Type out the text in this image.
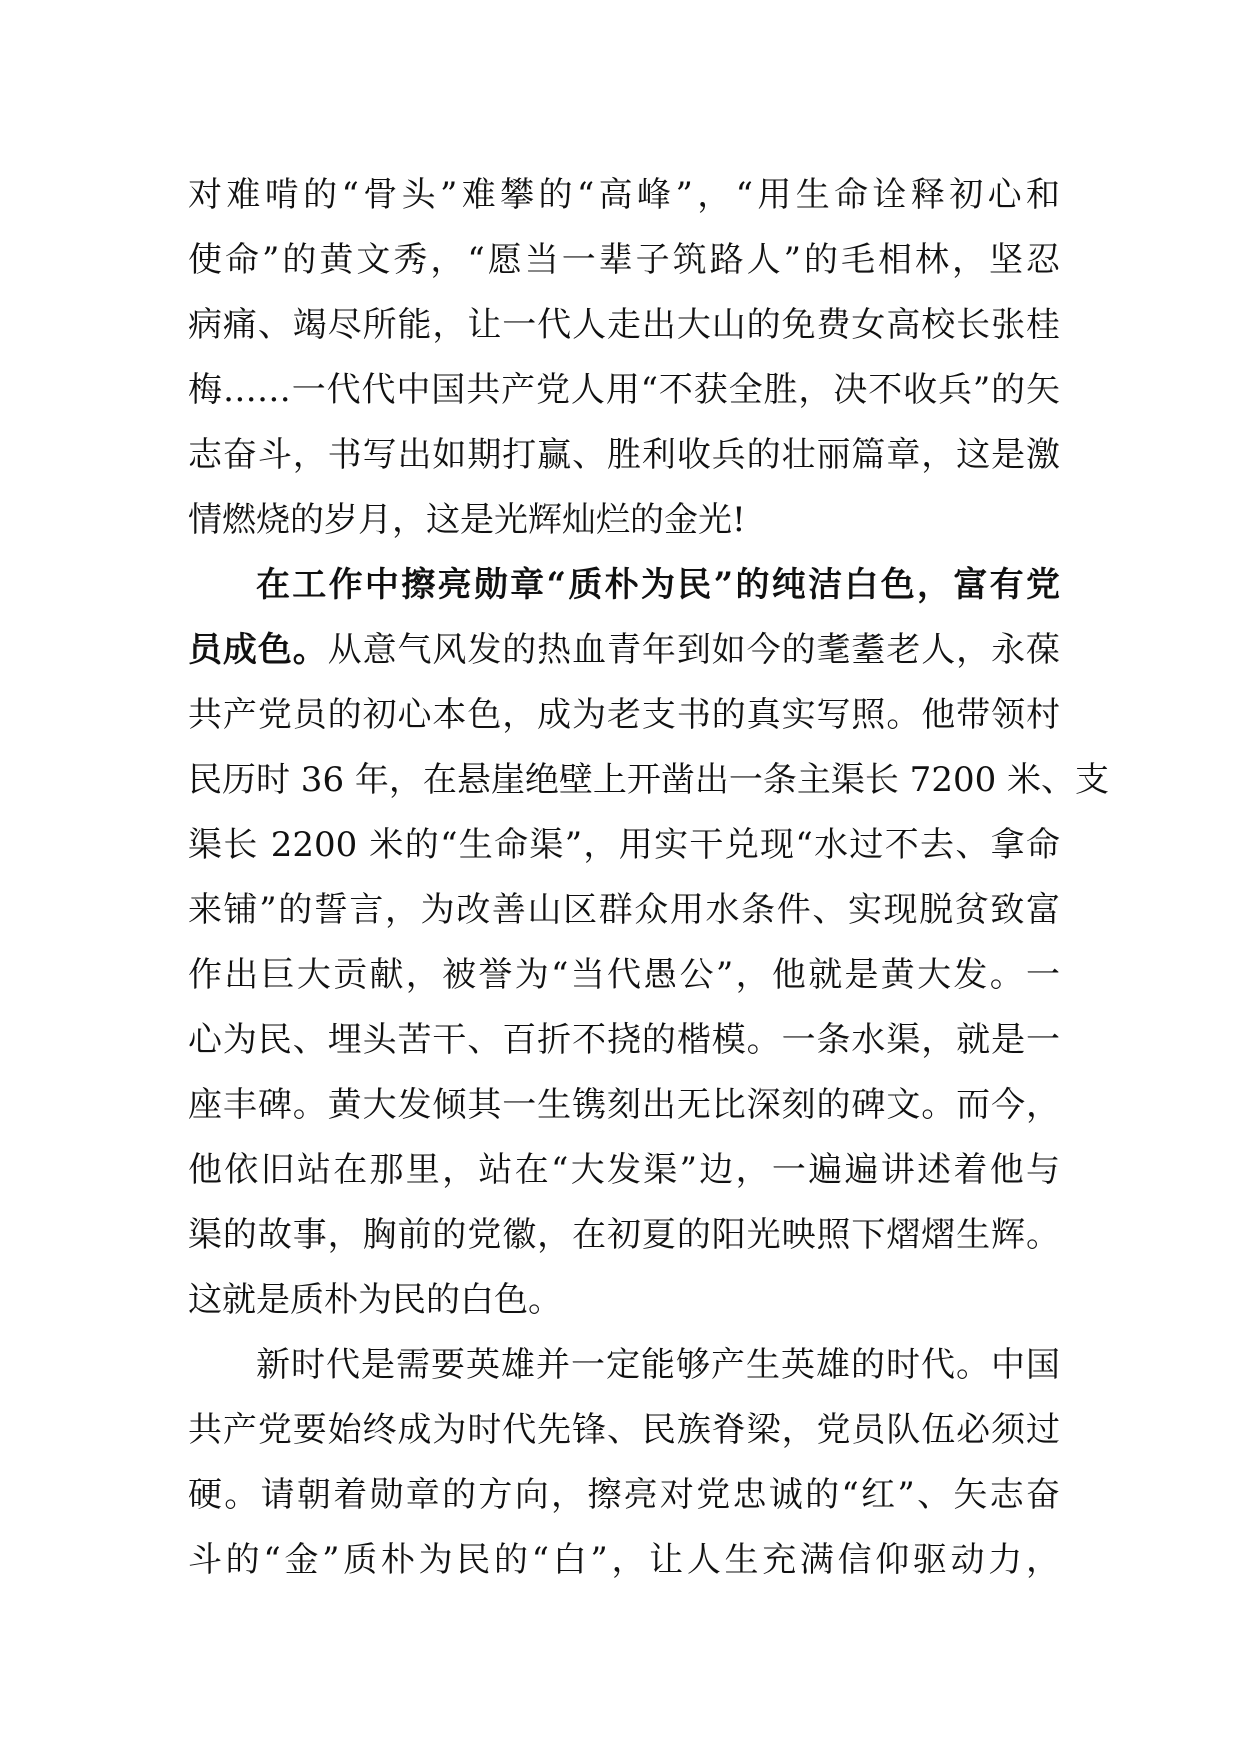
对难啃的“骨头”难攀的“高峰”，“用生命诠释初心和
使命”的黄文秀，“愿当一辈子筑路人”的毛相林，坚忍
病痛、竭尽所能，让一代人走出大山的免费女高校长张桂
梅……一代代中国共产党人用“不获全胜，决不收兵”的矢
志奋斗，书写出如期打赢、胜利收兵的壮丽篇章，这是激
情燃烧的岁月，这是光辉灿烂的金光!
在工作中擦亮勋章“质朴为民”的纯洁白色，富有党
员成色。从意气风发的热血青年到如今的耄耋老人，永葆
共产党员的初心本色，成为老支书的真实写照。他带领村
民历时 36 年，在悬崖绝壁上开凿出一条主渠长 7200 米、支
渠长 2200 米的“生命渠”，用实干兑现“水过不去、拿命
来铺”的誓言，为改善山区群众用水条件、实现脱贫致富
作出巨大贡献，被誉为“当代愚公”，他就是黄大发。一
心为民、埋头苦干、百折不挠的楷模。一条水渠，就是一
座丰碑。黄大发倾其一生镌刻出无比深刻的碑文。而今，
他依旧站在那里，站在“大发渠”边，一遍遍讲述着他与
渠的故事，胸前的党徽，在初夏的阳光映照下熠熠生辉。
这就是质朴为民的白色。
新时代是需要英雄并一定能够产生英雄的时代。中国
共产党要始终成为时代先锋、民族脊梁，党员队伍必须过
硬。请朝着勋章的方向，擦亮对党忠诚的“红”、矢志奋
斗的“金”质朴为民的“白”，让人生充满信仰驱动力，
